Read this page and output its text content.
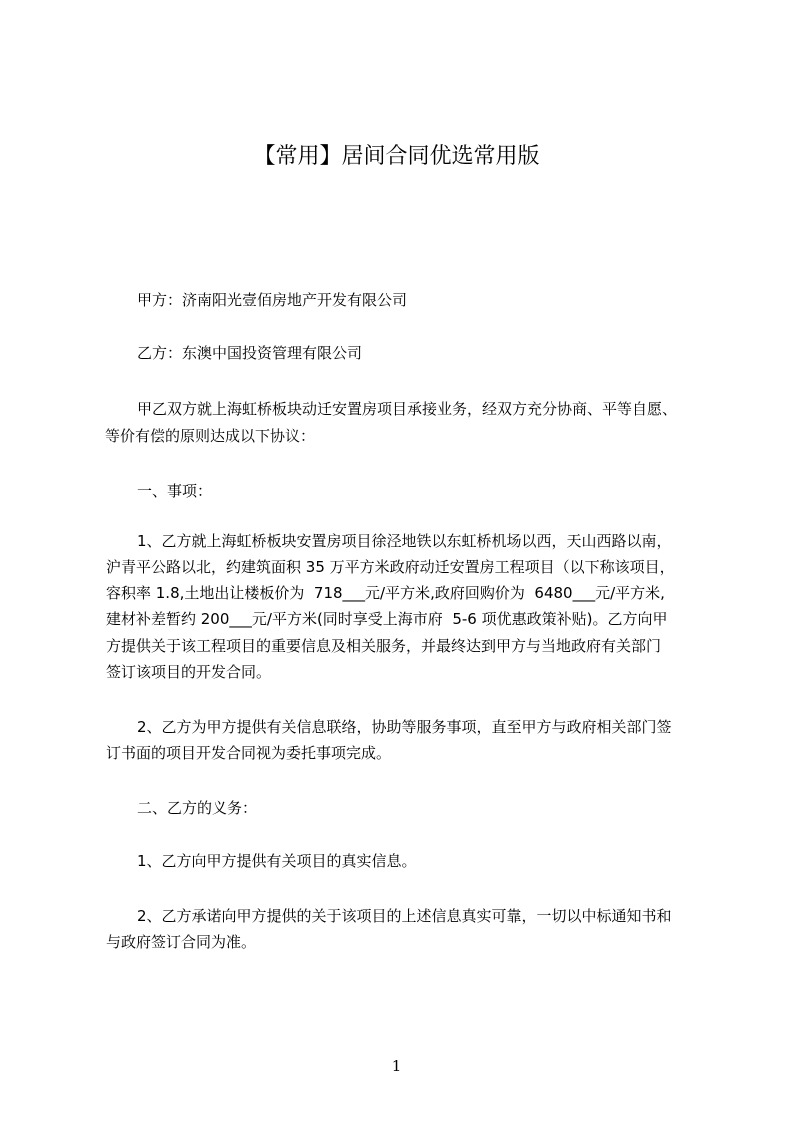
【常用】居间合同优选常用版
甲方：济南阳光壹佰房地产开发有限公司
乙方：东澳中国投资管理有限公司
甲乙双方就上海虹桥板块动迁安置房项目承接业务，经双方充分协商、平等自愿、
等价有偿的原则达成以下协议：
一、事项：
1、乙方就上海虹桥板块安置房项目徐泾地铁以东虹桥机场以西，天山西路以南，
沪青平公路以北，约建筑面积 35 万平方米政府动迁安置房工程项目（以下称该项目，
容积率 1.8,土地出让楼板价为  718___元/平方米,政府回购价为  6480___元/平方米,
建材补差暂约 200___元/平方米(同时享受上海市府  5-6 项优惠政策补贴)。乙方向甲
方提供关于该工程项目的重要信息及相关服务，并最终达到甲方与当地政府有关部门
签订该项目的开发合同。
2、乙方为甲方提供有关信息联络，协助等服务事项，直至甲方与政府相关部门签
订书面的项目开发合同视为委托事项完成。
二、乙方的义务：
1、乙方向甲方提供有关项目的真实信息。
2、乙方承诺向甲方提供的关于该项目的上述信息真实可靠，一切以中标通知书和
与政府签订合同为准。
1
